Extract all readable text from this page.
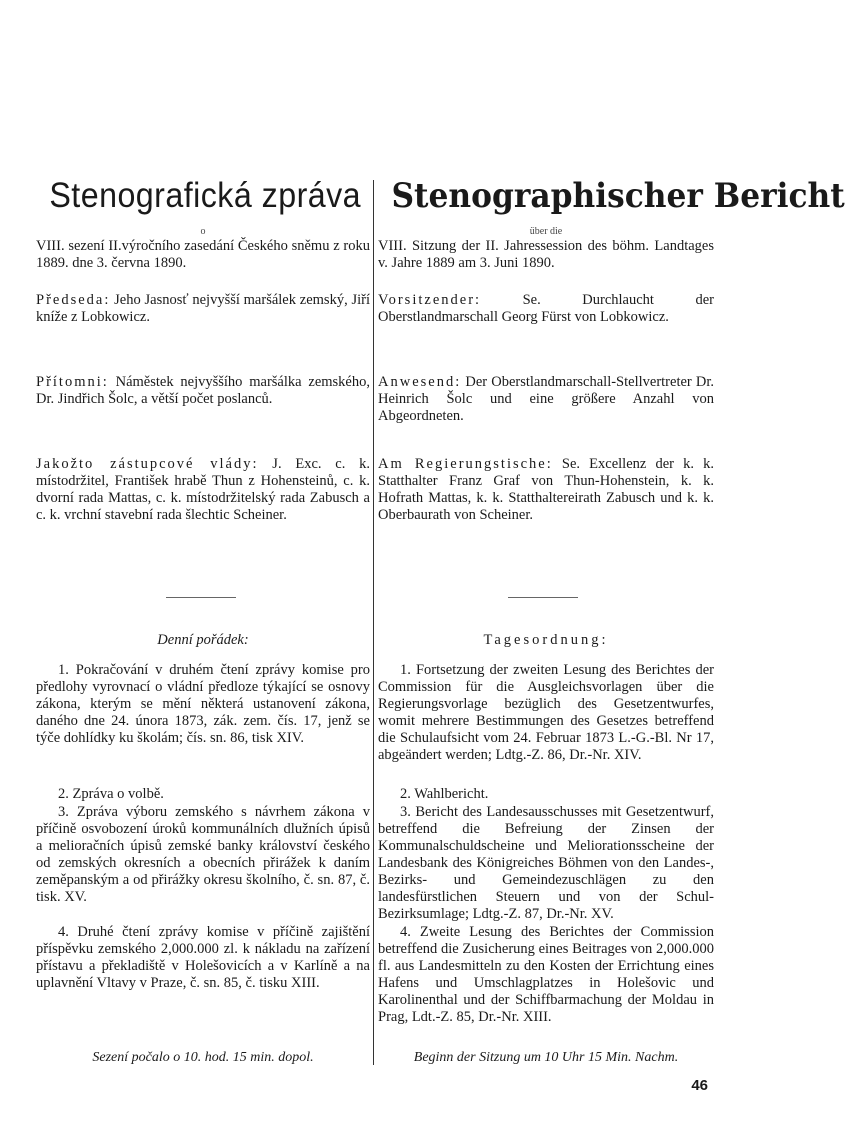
Stenografická zpráva
o
VIII. sezení II.výročního zasedání Českého sněmu z roku 1889. dne 3. června 1890.
Předseda: Jeho Jasnosť nejvyšší maršálek zemský, Jiří kníže z Lobkowicz.
Přítomni: Náměstek nejvyššího maršálka zemského, Dr. Jindřich Šolc, a větší počet poslanců.
Jakožto zástupcové vlády: J. Exc. c. k. místodržitel, František hrabě Thun z Hohensteinů, c. k. dvorní rada Mattas, c. k. místodržitelský rada Zabusch a c. k. vrchní stavební rada šlechtic Scheiner.
Denní pořádek:
1. Pokračování v druhém čtení zprávy komise pro předlohy vyrovnací o vládní předloze týkající se osnovy zákona, kterým se mění některá ustanovení zákona, daného dne 24. února 1873, zák. zem. čís. 17, jenž se týče dohlídky ku školám; čís. sn. 86, tisk XIV.
2. Zpráva o volbě.
3. Zpráva výboru zemského s návrhem zákona v příčině osvobození úroků kommunálních dlužních úpisů a melioračních úpisů zemské banky království českého od zemských okresních a obecních přirážek k daním zeměpanským a od přirážky okresu školního, č. sn. 87, č. tisk. XV.
4. Druhé čtení zprávy komise v příčině zajištění příspěvku zemského 2,000.000 zl. k nákladu na zařízení přístavu a překladiště v Holešovicích a v Karlíně a na uplavnění Vltavy v Praze, č. sn. 85, č. tisku XIII.
Sezení počalo o 10. hod. 15 min. dopol.
Stenographischer Bericht
über die
VIII. Sitzung der II. Jahressession des böhm. Landtages v. Jahre 1889 am 3. Juni 1890.
Vorsitzender:	Se. Durchlaucht der Oberstlandmarschall Georg Fürst von Lobkowicz.
Anwesend: Der Oberstlandmarschall-Stellvertreter Dr. Heinrich Šolc und eine größere Anzahl von Abgeordneten.
Am Regierungstische: Se. Excellenz der k. k. Statthalter Franz Graf von Thun-Hohenstein, k. k. Hofrath Mattas, k. k. Statthaltereirath Zabusch und k. k. Oberbaurath von Scheiner.
Tagesordnung:
1. Fortsetzung der zweiten Lesung des Berichtes der Commission für die Ausgleichsvorlagen über die Regierungsvorlage bezüglich des Gesetzentwurfes, womit mehrere Bestimmungen des Gesetzes betreffend die Schulaufsicht vom 24. Februar 1873 L.-G.-Bl. Nr 17, abgeändert werden; Ldtg.-Z. 86, Dr.-Nr. XIV.
2. Wahlbericht.
3. Bericht des Landesausschusses mit Gesetzentwurf, betreffend die Befreiung der Zinsen der Kommunalschuldscheine und Meliorationsscheine der Landesbank des Königreiches Böhmen von den Landes-, Bezirks- und Gemeindezuschlägen zu den landesfürstlichen Steuern und von der Schul-Bezirksumlage; Ldtg.-Z. 87, Dr.-Nr. XV.
4. Zweite Lesung des Berichtes der Commission betreffend die Zusicherung eines Beitrages von 2,000.000 fl. aus Landesmitteln zu den Kosten der Errichtung eines Hafens und Umschlagplatzes in Holešovic und Karolinenthal und der Schiffbarmachung der Moldau in Prag, Ldt.-Z. 85, Dr.-Nr. XIII.
Beginn der Sitzung um 10 Uhr 15 Min. Nachm.
46
